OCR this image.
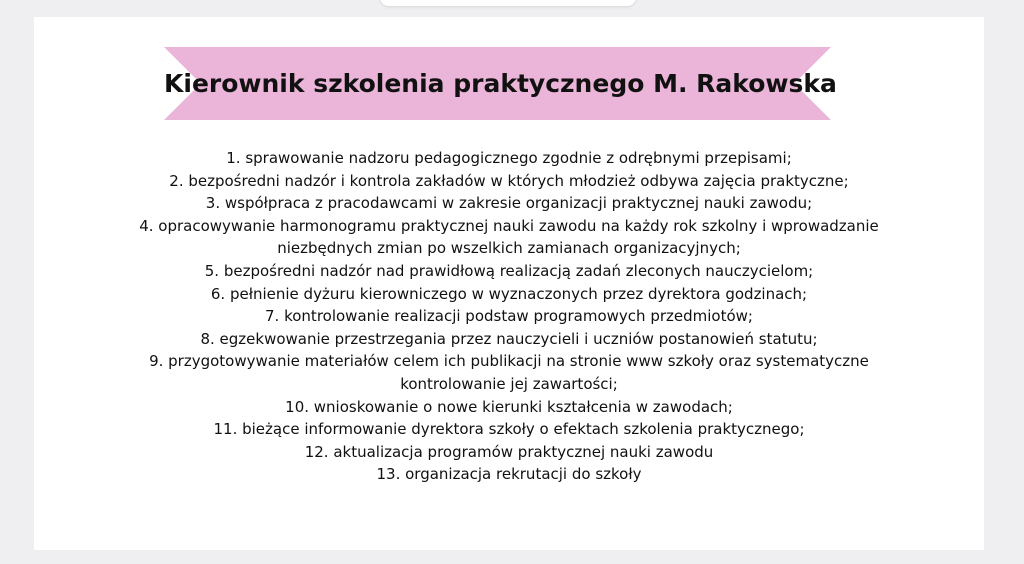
Kierownik szkolenia praktycznego M. Rakowska
1. sprawowanie nadzoru pedagogicznego zgodnie z odrębnymi przepisami;
2. bezpośredni nadzór i kontrola zakładów w których młodzież odbywa zajęcia praktyczne;
3. współpraca z pracodawcami w zakresie organizacji praktycznej nauki zawodu;
4. opracowywanie harmonogramu praktycznej nauki zawodu na każdy rok szkolny i wprowadzanie
niezbędnych zmian po wszelkich zamianach organizacyjnych;
5. bezpośredni nadzór nad prawidłową realizacją zadań zleconych nauczycielom;
6. pełnienie dyżuru kierowniczego w wyznaczonych przez dyrektora godzinach;
7. kontrolowanie realizacji podstaw programowych przedmiotów;
8. egzekwowanie przestrzegania przez nauczycieli i uczniów postanowień statutu;
9. przygotowywanie materiałów celem ich publikacji na stronie www szkoły oraz systematyczne
kontrolowanie jej zawartości;
10. wnioskowanie o nowe kierunki kształcenia w zawodach;
11. bieżące informowanie dyrektora szkoły o efektach szkolenia praktycznego;
12. aktualizacja programów praktycznej nauki zawodu
13. organizacja rekrutacji do szkoły
